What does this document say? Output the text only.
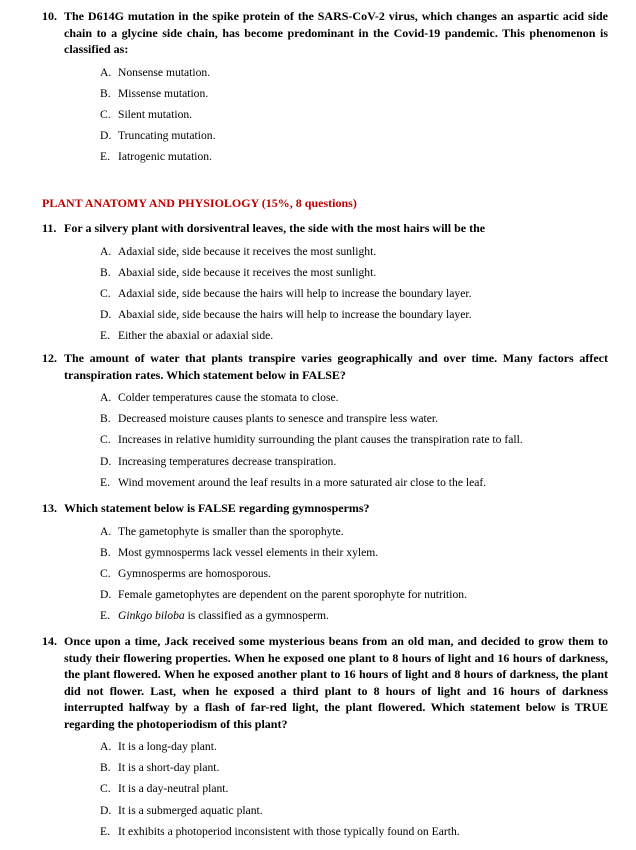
10. The D614G mutation in the spike protein of the SARS-CoV-2 virus, which changes an aspartic acid side chain to a glycine side chain, has become predominant in the Covid-19 pandemic. This phenomenon is classified as:
A. Nonsense mutation.
B. Missense mutation.
C. Silent mutation.
D. Truncating mutation.
E. Iatrogenic mutation.
PLANT ANATOMY AND PHYSIOLOGY (15%, 8 questions)
11. For a silvery plant with dorsiventral leaves, the side with the most hairs will be the
A. Adaxial side, side because it receives the most sunlight.
B. Abaxial side, side because it receives the most sunlight.
C. Adaxial side, side because the hairs will help to increase the boundary layer.
D. Abaxial side, side because the hairs will help to increase the boundary layer.
E. Either the abaxial or adaxial side.
12. The amount of water that plants transpire varies geographically and over time. Many factors affect transpiration rates. Which statement below in FALSE?
A. Colder temperatures cause the stomata to close.
B. Decreased moisture causes plants to senesce and transpire less water.
C. Increases in relative humidity surrounding the plant causes the transpiration rate to fall.
D. Increasing temperatures decrease transpiration.
E. Wind movement around the leaf results in a more saturated air close to the leaf.
13. Which statement below is FALSE regarding gymnosperms?
A. The gametophyte is smaller than the sporophyte.
B. Most gymnosperms lack vessel elements in their xylem.
C. Gymnosperms are homosporous.
D. Female gametophytes are dependent on the parent sporophyte for nutrition.
E. Ginkgo biloba is classified as a gymnosperm.
14. Once upon a time, Jack received some mysterious beans from an old man, and decided to grow them to study their flowering properties. When he exposed one plant to 8 hours of light and 16 hours of darkness, the plant flowered. When he exposed another plant to 16 hours of light and 8 hours of darkness, the plant did not flower. Last, when he exposed a third plant to 8 hours of light and 16 hours of darkness interrupted halfway by a flash of far-red light, the plant flowered. Which statement below is TRUE regarding the photoperiodism of this plant?
A. It is a long-day plant.
B. It is a short-day plant.
C. It is a day-neutral plant.
D. It is a submerged aquatic plant.
E. It exhibits a photoperiod inconsistent with those typically found on Earth.
